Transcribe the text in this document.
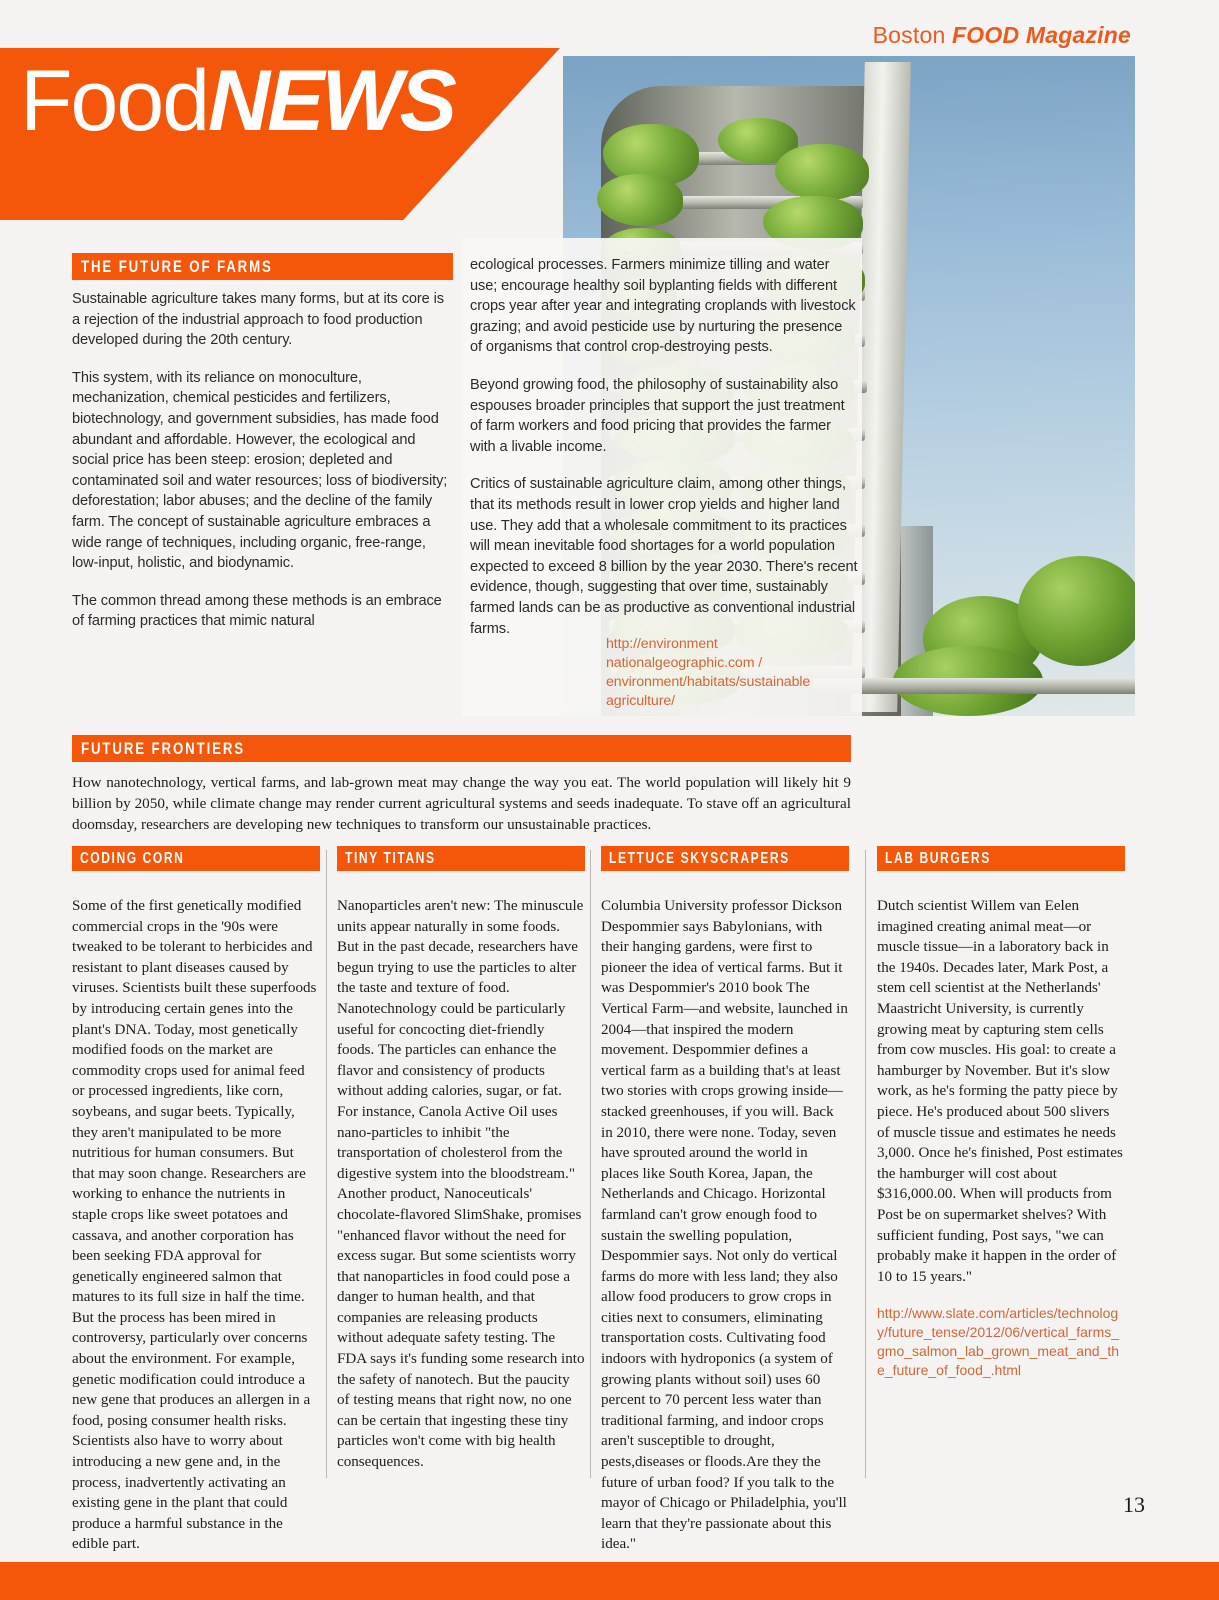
Boston FOOD Magazine
FoodNEWS
THE FUTURE OF FARMS

Sustainable agriculture takes many forms, but at its core is a rejection of the industrial approach to food production developed during the 20th century.

This system, with its reliance on monoculture, mechanization, chemical pesticides and fertilizers, biotechnology, and government subsidies, has made food abundant and affordable. However, the ecological and social price has been steep: erosion; depleted and contaminated soil and water resources; loss of biodiversity; deforestation; labor abuses; and the decline of the family farm. The concept of sustainable agriculture embraces a wide range of techniques, including organic, free-range, low-input, holistic, and biodynamic.

The common thread among these methods is an embrace of farming practices that mimic natural

ecological processes. Farmers minimize tilling and water use; encourage healthy soil byplanting fields with different crops year after year and integrating croplands with livestock grazing; and avoid pesticide use by nurturing the presence of organisms that control crop-destroying pests.

Beyond growing food, the philosophy of sustainability also espouses broader principles that support the just treatment of farm workers and food pricing that provides the farmer with a livable income.

Critics of sustainable agriculture claim, among other things, that its methods result in lower crop yields and higher land use. They add that a wholesale commitment to its practices will mean inevitable food shortages for a world population expected to exceed 8 billion by the year 2030. There's recent evidence, though, suggesting that over time, sustainably farmed lands can be as productive as conventional industrial farms.

http://environment nationalgeographic.com / environment/habitats/sustainable agriculture/
FUTURE FRONTIERS
How nanotechnology, vertical farms, and lab-grown meat may change the way you eat. The world population will likely hit 9 billion by 2050, while climate change may render current agricultural systems and seeds inadequate. To stave off an agricultural doomsday, researchers are developing new techniques to transform our unsustainable practices.
CODING CORN

Some of the first genetically modified commercial crops in the '90s were tweaked to be tolerant to herbicides and resistant to plant diseases caused by viruses. Scientists built these superfoods by introducing certain genes into the plant's DNA. Today, most genetically modified foods on the market are commodity crops used for animal feed or processed ingredients, like corn, soybeans, and sugar beets. Typically, they aren't manipulated to be more nutritious for human consumers. But that may soon change. Researchers are working to enhance the nutrients in staple crops like sweet potatoes and cassava, and another corporation has been seeking FDA approval for genetically engineered salmon that matures to its full size in half the time. But the process has been mired in controversy, particularly over concerns about the environment. For example, genetic modification could introduce a new gene that produces an allergen in a food, posing consumer health risks. Scientists also have to worry about introducing a new gene and, in the process, inadvertently activating an existing gene in the plant that could produce a harmful substance in the edible part.

TINY TITANS

Nanoparticles aren't new: The minuscule units appear naturally in some foods. But in the past decade, researchers have begun trying to use the particles to alter the taste and texture of food. Nanotechnology could be particularly useful for concocting diet-friendly foods. The particles can enhance the flavor and consistency of products without adding calories, sugar, or fat. For instance, Canola Active Oil uses nano-particles to inhibit "the transportation of cholesterol from the digestive system into the bloodstream." Another product, Nanoceuticals' chocolate-flavored SlimShake, promises "enhanced flavor without the need for excess sugar. But some scientists worry that nanoparticles in food could pose a danger to human health, and that companies are releasing products without adequate safety testing. The FDA says it's funding some research into the safety of nanotech. But the paucity of testing means that right now, no one can be certain that ingesting these tiny particles won't come with big health consequences.

LETTUCE SKYSCRAPERS

Columbia University professor Dickson Despommier says Babylonians, with their hanging gardens, were first to pioneer the idea of vertical farms. But it was Despommier's 2010 book The Vertical Farm—and website, launched in 2004—that inspired the modern movement. Despommier defines a vertical farm as a building that's at least two stories with crops growing inside—stacked greenhouses, if you will. Back in 2010, there were none. Today, seven have sprouted around the world in places like South Korea, Japan, the Netherlands and Chicago. Horizontal farmland can't grow enough food to sustain the swelling population, Despommier says. Not only do vertical farms do more with less land; they also allow food producers to grow crops in cities next to consumers, eliminating transportation costs. Cultivating food indoors with hydroponics (a system of growing plants without soil) uses 60 percent to 70 percent less water than traditional farming, and indoor crops aren't susceptible to drought, pests,diseases or floods.Are they the future of urban food? If you talk to the mayor of Chicago or Philadelphia, you'll learn that they're passionate about this idea."

LAB BURGERS

Dutch scientist Willem van Eelen imagined creating animal meat—or muscle tissue—in a laboratory back in the 1940s. Decades later, Mark Post, a stem cell scientist at the Netherlands' Maastricht University, is currently growing meat by capturing stem cells from cow muscles. His goal: to create a hamburger by November. But it's slow work, as he's forming the patty piece by piece. He's produced about 500 slivers of muscle tissue and estimates he needs 3,000. Once he's finished, Post estimates the hamburger will cost about $316,000.00. When will products from Post be on supermarket shelves? With sufficient funding, Post says, "we can probably make it happen in the order of 10 to 15 years."

http://www.slate.com/articles/technology/future_tense/2012/06/vertical_farms_gmo_salmon_lab_grown_meat_and_the_future_of_food_.html
13
